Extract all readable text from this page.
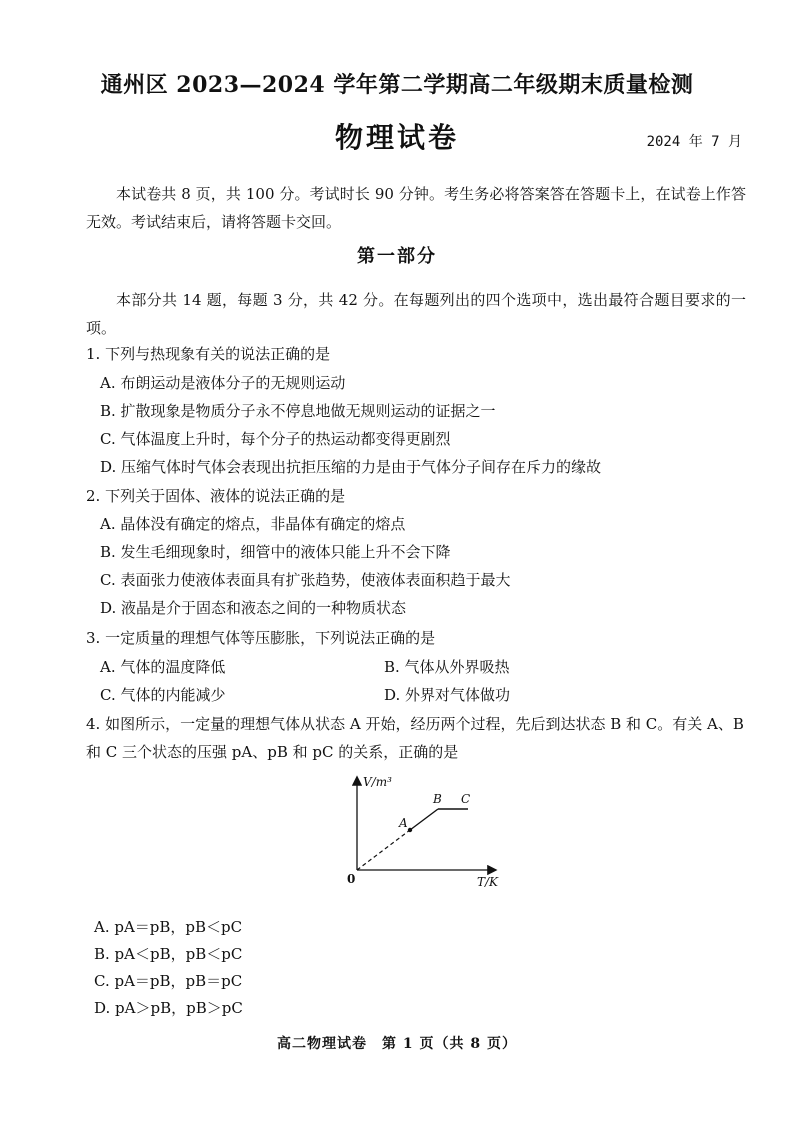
通州区 2023—2024 学年第二学期高二年级期末质量检测
物理试卷	2024 年 7 月
本试卷共 8 页，共 100 分。考试时长 90 分钟。考生务必将答案答在答题卡上，在试卷上作答无效。考试结束后，请将答题卡交回。
第一部分
本部分共 14 题，每题 3 分，共 42 分。在每题列出的四个选项中，选出最符合题目要求的一项。
1. 下列与热现象有关的说法正确的是
A. 布朗运动是液体分子的无规则运动
B. 扩散现象是物质分子永不停息地做无规则运动的证据之一
C. 气体温度上升时，每个分子的热运动都变得更剧烈
D. 压缩气体时气体会表现出抗拒压缩的力是由于气体分子间存在斥力的缘故
2. 下列关于固体、液体的说法正确的是
A. 晶体没有确定的熔点，非晶体有确定的熔点
B. 发生毛细现象时，细管中的液体只能上升不会下降
C. 表面张力使液体表面具有扩张趋势，使液体表面积趋于最大
D. 液晶是介于固态和液态之间的一种物质状态
3. 一定质量的理想气体等压膨胀，下列说法正确的是
A. 气体的温度降低	B. 气体从外界吸热
C. 气体的内能减少	D. 外界对气体做功
4. 如图所示，一定量的理想气体从状态 A 开始，经历两个过程，先后到达状态 B 和 C。有关 A、B 和 C 三个状态的压强 pA、pB 和 pC 的关系，正确的是
V/m³
T/K
0
A
B C
A. pA＝pB，pB＜pC
B. pA＜pB，pB＜pC
C. pA＝pB，pB＝pC
D. pA＞pB，pB＞pC
高二物理试卷　第 1 页（共 8 页）
